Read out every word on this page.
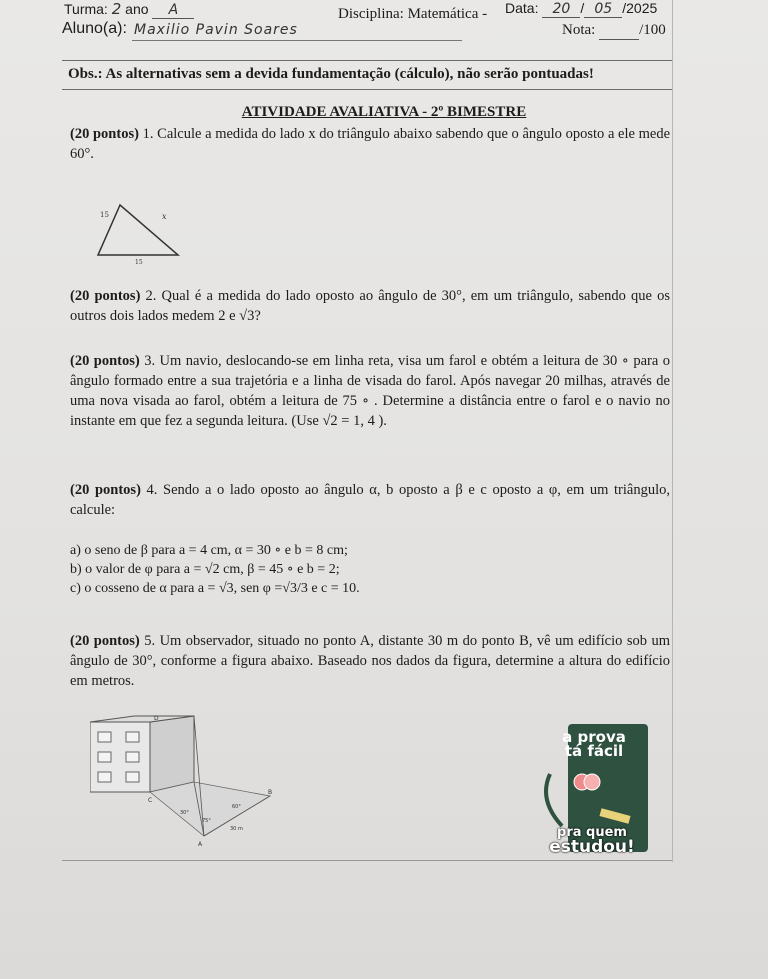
Turma: 2 ano A	Disciplina: Matemática - Data: 20 / 05 /2025
Aluno(a): Maxilio Pavin Soares	Nota:	/100
Obs.: As alternativas sem a devida fundamentação (cálculo), não serão pontuadas!
ATIVIDADE AVALIATIVA - 2º BIMESTRE
(20 pontos) 1. Calcule a medida do lado x do triângulo abaixo sabendo que o ângulo oposto a ele mede 60°.
15	x
15
(20 pontos) 2. Qual é a medida do lado oposto ao ângulo de 30°, em um triângulo, sabendo que os outros dois lados medem 2 e √3?
(20 pontos) 3. Um navio, deslocando-se em linha reta, visa um farol e obtém a leitura de 30 ∘ para o ângulo formado entre a sua trajetória e a linha de visada do farol. Após navegar 20 milhas, através de uma nova visada ao farol, obtém a leitura de 75 ∘ . Determine a distância entre o farol e o navio no instante em que fez a segunda leitura. (Use √2 = 1, 4 ).
(20 pontos) 4. Sendo a o lado oposto ao ângulo α, b oposto a β e c oposto a φ, em um triângulo, calcule:
a) o seno de β para a = 4 cm, α = 30 ∘ e b = 8 cm;
b) o valor de φ para a = √2 cm, β = 45 ∘ e b = 2;
c) o cosseno de α para a = √3, sen φ =√3/3 e c = 10.
(20 pontos) 5. Um observador, situado no ponto A, distante 30 m do ponto B, vê um edifício sob um ângulo de 30°, conforme a figura abaixo. Baseado nos dados da figura, determine a altura do edifício em metros.
D
C
B
A
60°
30°
75°
30 m
a prova
tá fácil
pra quem
estudou!
